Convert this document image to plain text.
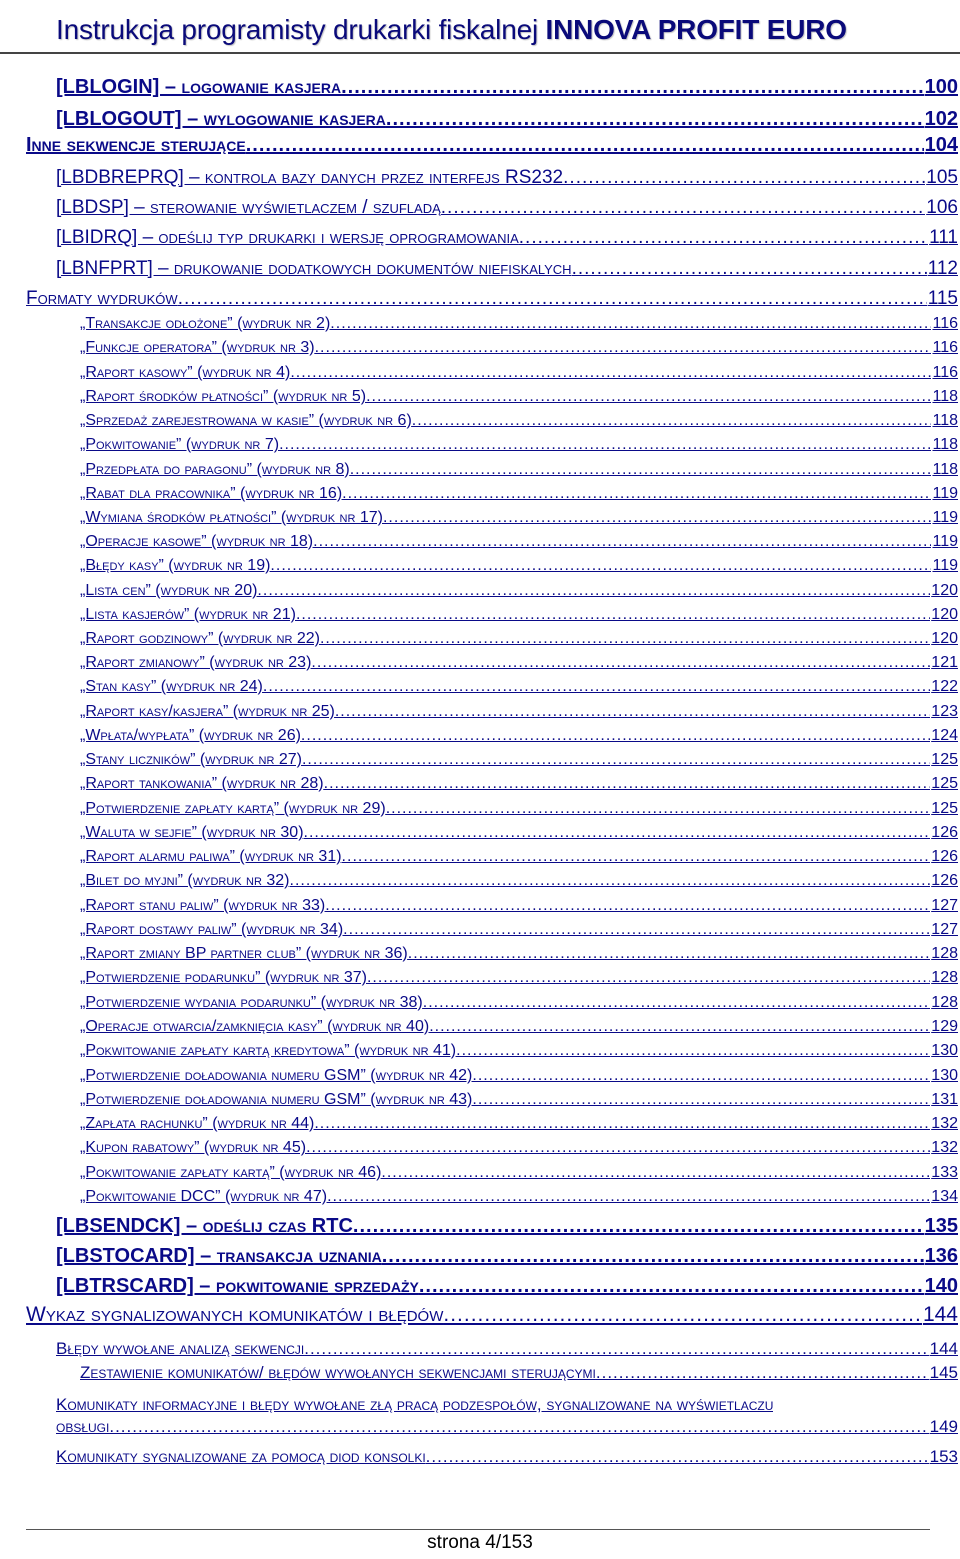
Instrukcja programisty drukarki fiskalnej INNOVA PROFIT EURO
[LBLOGIN] – logowanie kasjera .....	100
[LBLOGOUT] – wylogowanie kasjera .....	102
Inne sekwencje sterujące .....	104
[LBDBREPRQ] – kontrola bazy danych przez interfejs RS232 .....	105
[LBDSP] – sterowanie wyświetlaczem / szufladą .....	106
[LBIDRQ] – odeślij typ drukarki i wersję oprogramowania .....	111
[LBNFPRT] – drukowanie dodatkowych dokumentów niefiskalych .....	112
Formaty wydruków .....	115
„Transakcje odłożone” (wydruk nr 2) .....	116
„Funkcje operatora” (wydruk nr 3) .....	116
„Raport kasowy” (wydruk nr 4) .....	116
„Raport środków płatności” (wydruk nr 5) .....	118
„Sprzedaż zarejestrowana w kasie” (wydruk nr 6) .....	118
„Pokwitowanie” (wydruk nr 7) .....	118
„Przedpłata do paragonu” (wydruk nr 8) .....	118
„Rabat dla pracownika” (wydruk nr 16) .....	119
„Wymiana środków płatności” (wydruk nr 17) .....	119
„Operacje kasowe” (wydruk nr 18) .....	119
„Błędy kasy” (wydruk nr 19) .....	119
„Lista cen” (wydruk nr 20) .....	120
„Lista kasjerów” (wydruk nr 21) .....	120
„Raport godzinowy” (wydruk nr 22) .....	120
„Raport zmianowy” (wydruk nr 23) .....	121
„Stan kasy” (wydruk nr 24) .....	122
„Raport kasy/kasjera” (wydruk nr 25) .....	123
„Wpłata/wypłata” (wydruk nr 26) .....	124
„Stany liczników” (wydruk nr 27) .....	125
„Raport tankowania” (wydruk nr 28) .....	125
„Potwierdzenie zapłaty kartą” (wydruk nr 29) .....	125
„Waluta w sejfie” (wydruk nr 30) .....	126
„Raport alarmu paliwa” (wydruk nr 31) .....	126
„Bilet do myjni” (wydruk nr 32) .....	126
„Raport stanu paliw” (wydruk nr 33) .....	127
„Raport dostawy paliw” (wydruk nr 34) .....	127
„Raport zmiany BP partner club” (wydruk nr 36) .....	128
„Potwierdzenie podarunku” (wydruk nr 37) .....	128
„Potwierdzenie wydania podarunku” (wydruk nr 38) .....	128
„Operacje otwarcia/zamknięcia kasy” (wydruk nr 40) .....	129
„Pokwitowanie zapłaty kartą kredytowa” (wydruk nr 41) .....	130
„Potwierdzenie doładowania numeru GSM” (wydruk nr 42) .....	130
„Potwierdzenie doładowania numeru GSM” (wydruk nr 43) .....	131
„Zapłata rachunku” (wydruk nr 44) .....	132
„Kupon rabatowy” (wydruk nr 45) .....	132
„Pokwitowanie zapłaty kartą” (wydruk nr 46) .....	133
„Pokwitowanie DCC” (wydruk nr 47) .....	134
[LBSENDCK] – odeślij czas RTC .....	135
[LBSTOCARD] – transakcja uznania .....	136
[LBTRSCARD] – pokwitowanie sprzedaży .....	140
Wykaz sygnalizowanych komunikatów i błędów .....	144
Błędy wywołane analizą sekwencji .....	144
Zestawienie komunikatów/ błędów wywołanych sekwencjami sterującymi .....	145
Komunikaty informacyjne i błędy wywołane złą pracą podzespołów, sygnalizowane na wyświetlaczu
obsługi .....	149
Komunikaty sygnalizowane za pomocą diod konsolki .....	153
strona 4/153
